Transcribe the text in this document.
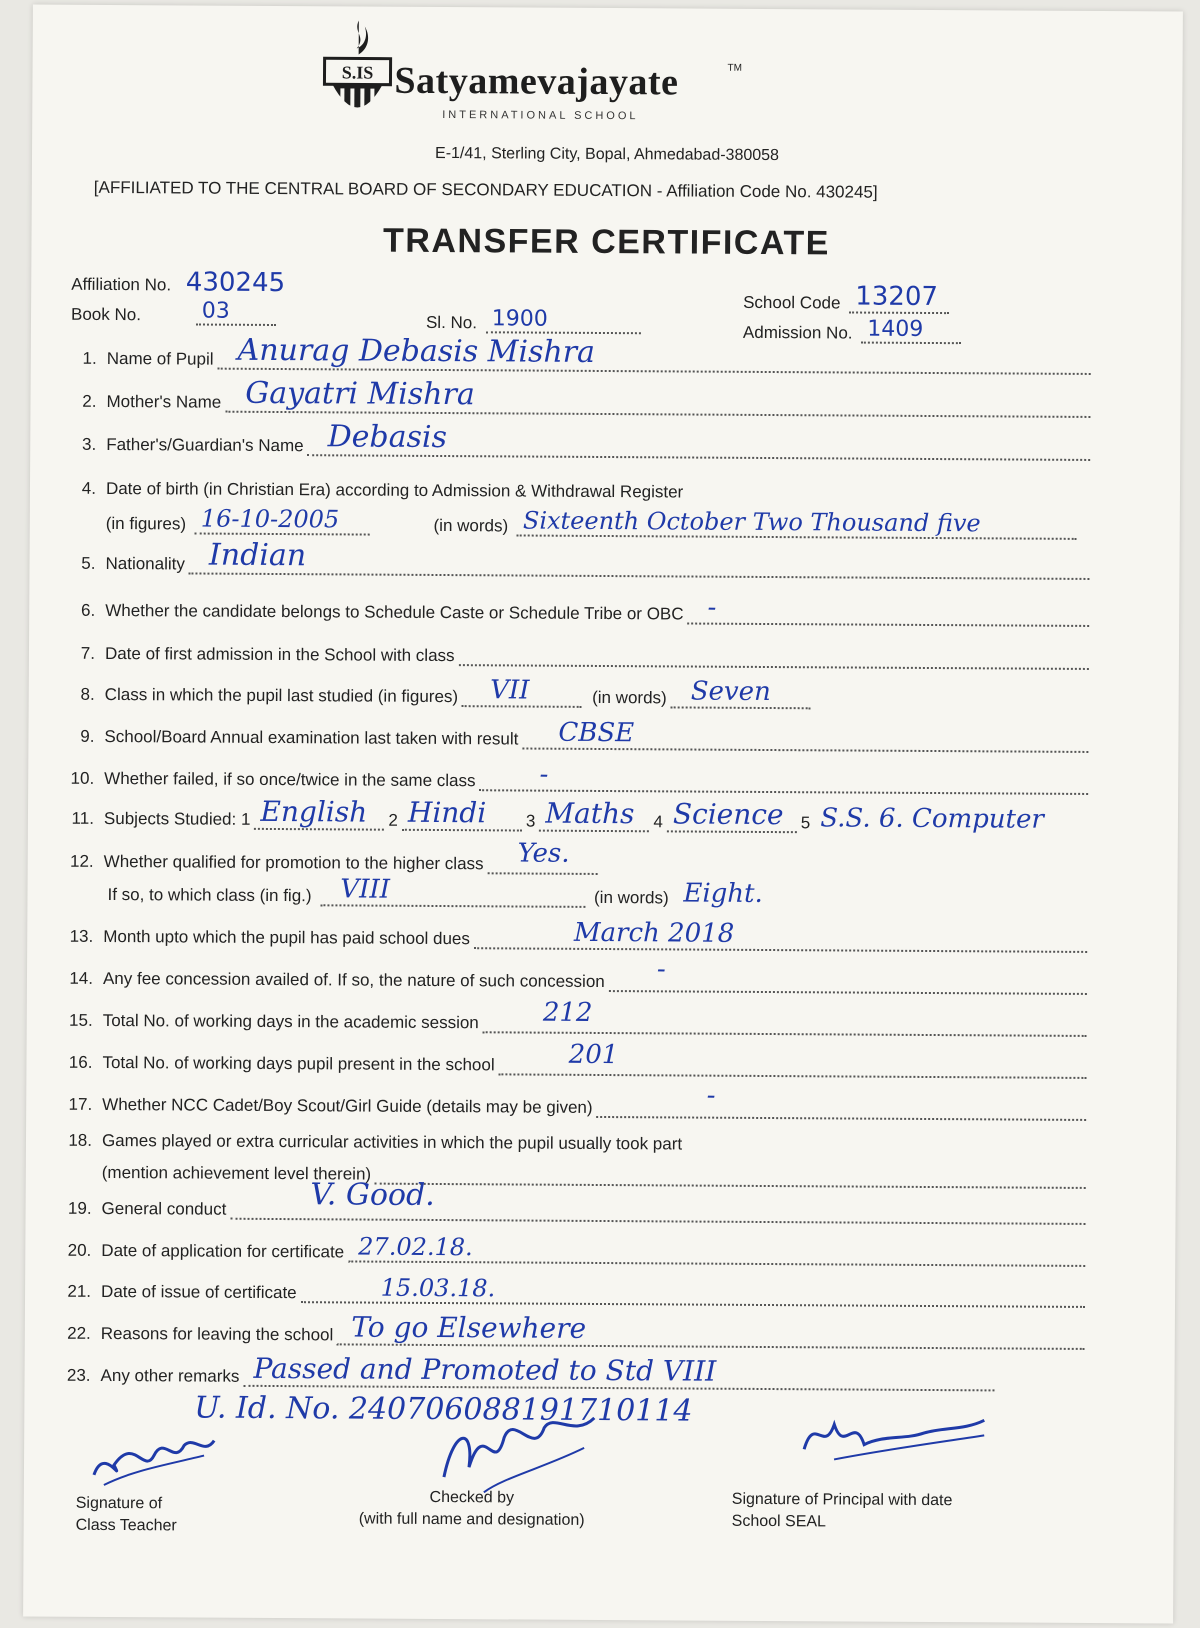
S.IS Satyamevajayate	TM
INTERNATIONAL SCHOOL
E-1/41, Sterling City, Bopal, Ahmedabad-380058
[AFFILIATED TO THE CENTRAL BOARD OF SECONDARY EDUCATION - Affiliation Code No. 430245]
TRANSFER CERTIFICATE
Affiliation No. 430245
Book No.	03	Sl. No. 1900
School Code 13207
Admission No. 1409
1. Name of Pupil Anurag Debasis Mishra
2. Mother's Name Gayatri Mishra
3. Father's/Guardian's Name Debasis
4. Date of birth (in Christian Era) according to Admission & Withdrawal Register
(in figures) 16-10-2005	(in words) Sixteenth October Two Thousand five
5. Nationality Indian
6. Whether the candidate belongs to Schedule Caste or Schedule Tribe or OBC -
7. Date of first admission in the School with class
8. Class in which the pupil last studied (in figures) VII	(in words) Seven
9. School/Board Annual examination last taken with result CBSE
10. Whether failed, if so once/twice in the same class -
11. Subjects Studied: 1 English 2 Hindi 3 Maths 4 Science 5 S.S. 6. Computer
12. Whether qualified for promotion to the higher class Yes.
If so, to which class (in fig.) VIII	(in words) Eight.
13. Month upto which the pupil has paid school dues	March 2018
14. Any fee concession availed of. If so, the nature of such concession -
15. Total No. of working days in the academic session 212
16. Total No. of working days pupil present in the school	201
17. Whether NCC Cadet/Boy Scout/Girl Guide (details may be given)	-
18. Games played or extra curricular activities in which the pupil usually took part
(mention achievement level therein)
19. General conduct	V. Good.
20. Date of application for certificate 27.02.18.
21. Date of issue of certificate	15.03.18.
22. Reasons for leaving the school To go Elsewhere
23. Any other remarks Passed and Promoted to Std VIII
U. Id. No. 240706088191710114
Signature of
Class Teacher
Checked by
(with full name and designation)
Signature of Principal with date
School SEAL
